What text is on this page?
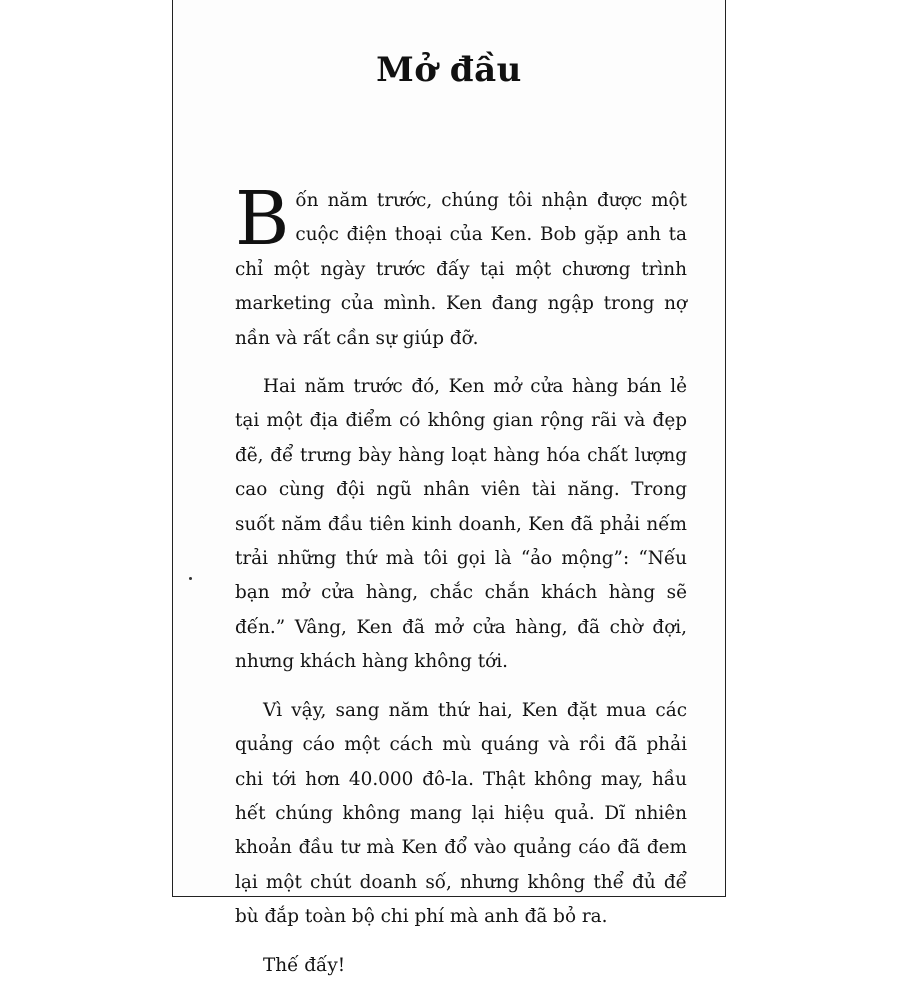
Mở đầu

Bốn năm trước, chúng tôi nhận được một cuộc điện thoại của Ken. Bob gặp anh ta chỉ một ngày trước đấy tại một chương trình marketing của mình. Ken đang ngập trong nợ nần và rất cần sự giúp đỡ.

Hai năm trước đó, Ken mở cửa hàng bán lẻ tại một địa điểm có không gian rộng rãi và đẹp đẽ, để trưng bày hàng loạt hàng hóa chất lượng cao cùng đội ngũ nhân viên tài năng. Trong suốt năm đầu tiên kinh doanh, Ken đã phải nếm trải những thứ mà tôi gọi là “ảo mộng”: “Nếu bạn mở cửa hàng, chắc chắn khách hàng sẽ đến.” Vâng, Ken đã mở cửa hàng, đã chờ đợi, nhưng khách hàng không tới.

Vì vậy, sang năm thứ hai, Ken đặt mua các quảng cáo một cách mù quáng và rồi đã phải chi tới hơn 40.000 đô-la. Thật không may, hầu hết chúng không mang lại hiệu quả. Dĩ nhiên khoản đầu tư mà Ken đổ vào quảng cáo đã đem lại một chút doanh số, nhưng không thể đủ để bù đắp toàn bộ chi phí mà anh đã bỏ ra.

Thế đấy!
